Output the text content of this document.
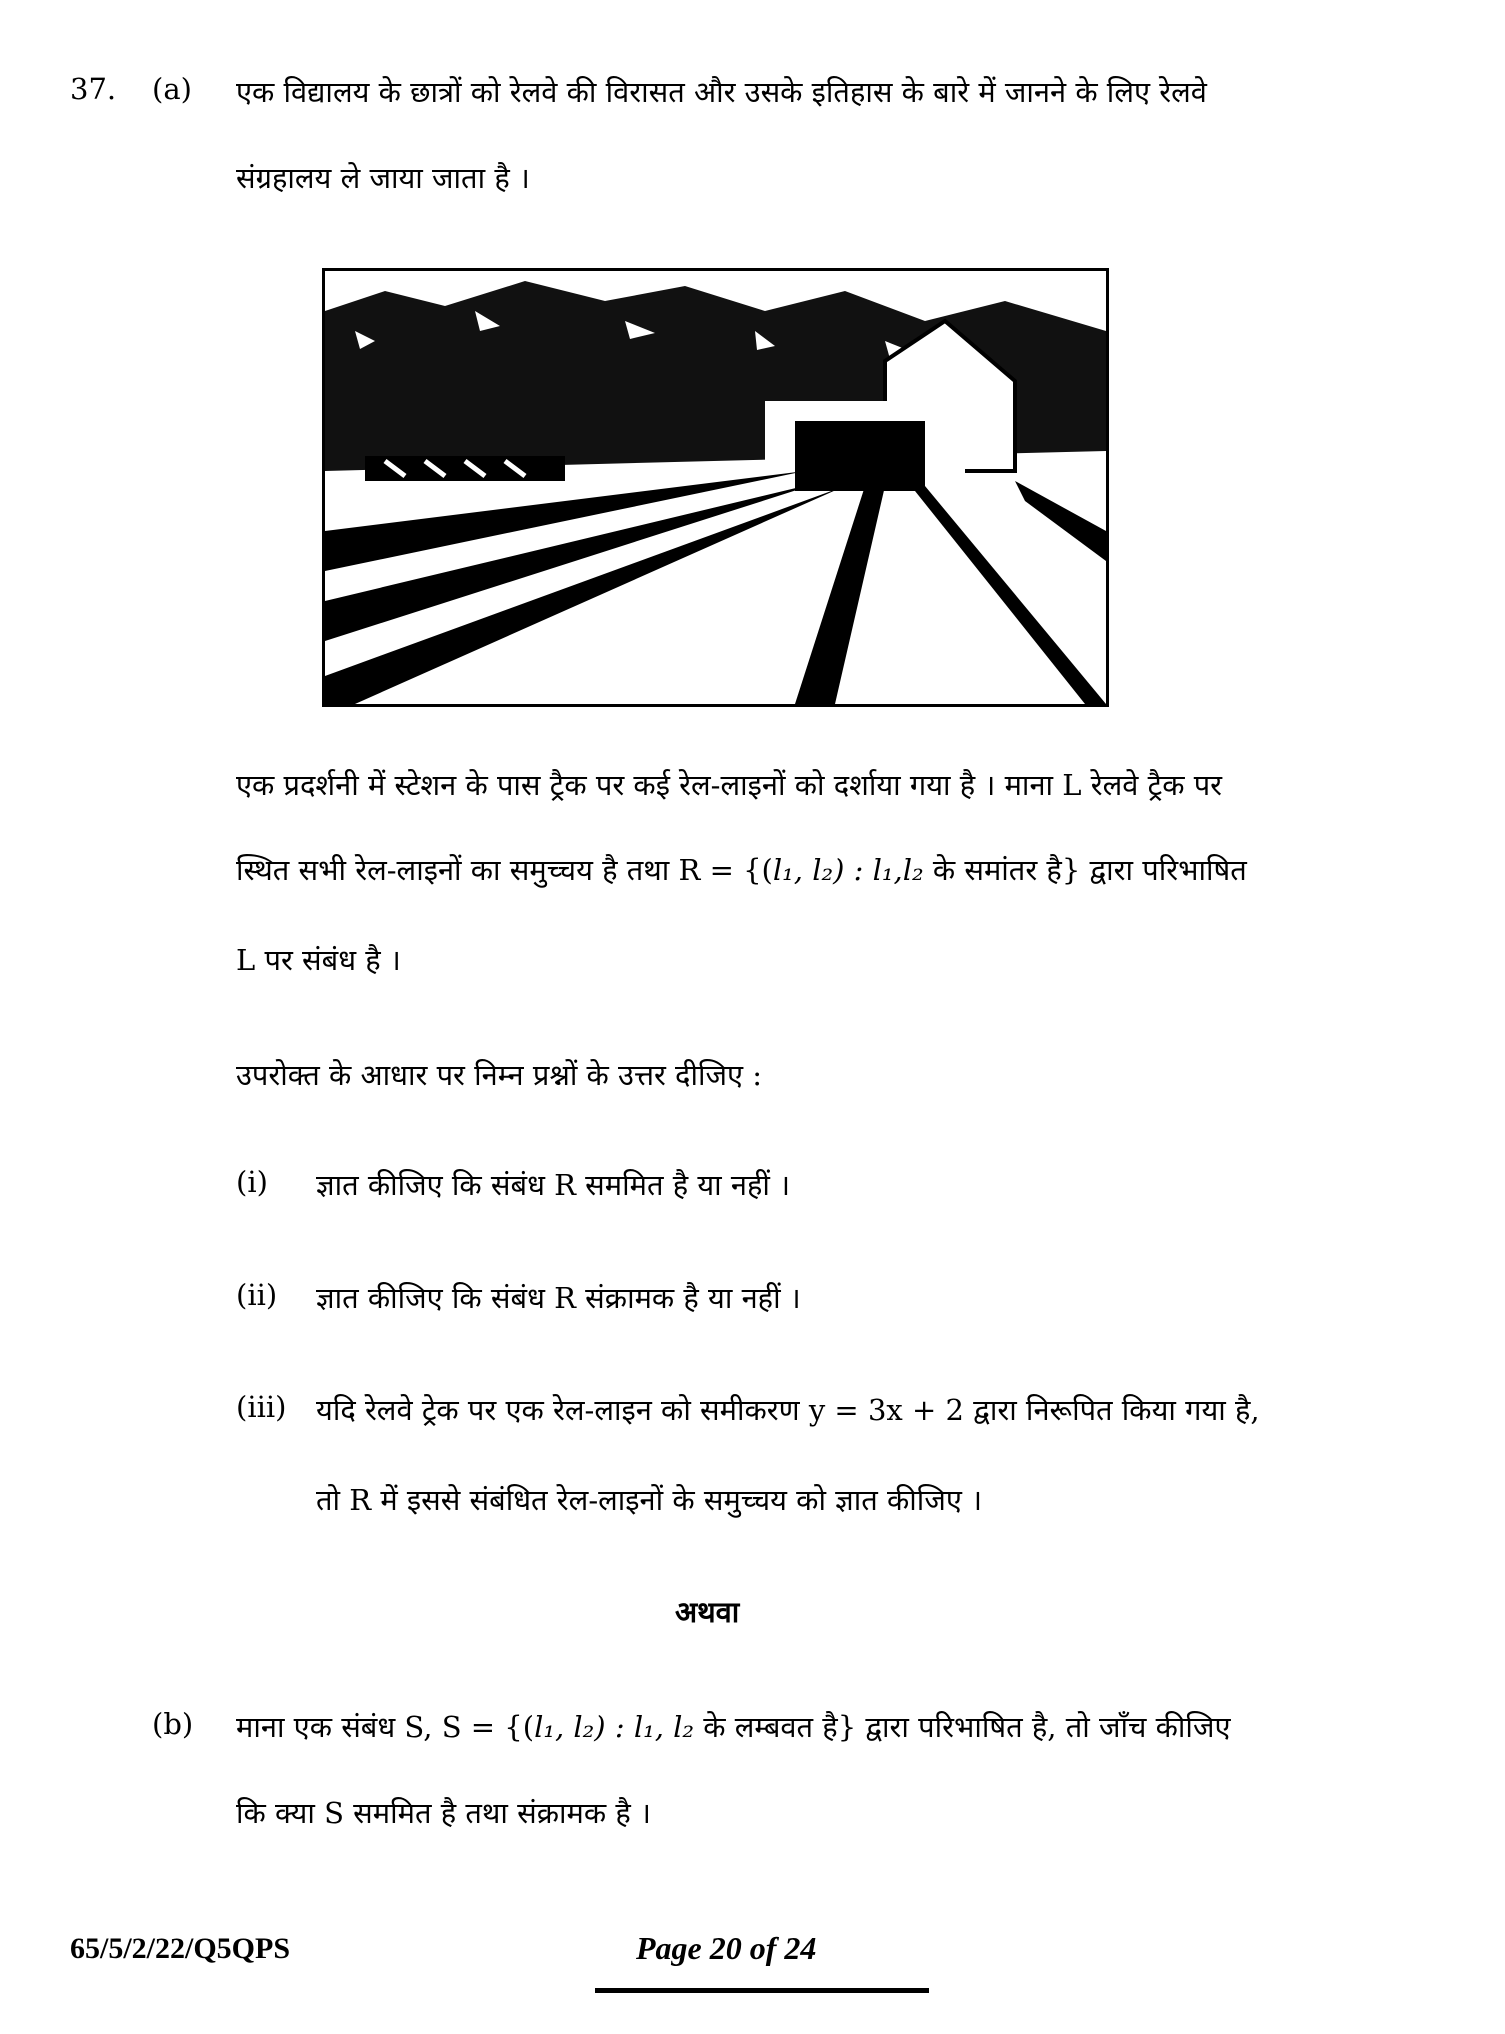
37. (a) एक विद्यालय के छात्रों को रेलवे की विरासत और उसके इतिहास के बारे में जानने के लिए रेलवे
संग्रहालय ले जाया जाता है ।
एक प्रदर्शनी में स्टेशन के पास ट्रैक पर कई रेल-लाइनों को दर्शाया गया है । माना L रेलवे ट्रैक पर
स्थित सभी रेल-लाइनों का समुच्चय है तथा R = {(l₁, l₂) : l₁,l₂ के समांतर है} द्वारा परिभाषित
L पर संबंध है ।
उपरोक्त के आधार पर निम्न प्रश्नों के उत्तर दीजिए :
(i) ज्ञात कीजिए कि संबंध R सममित है या नहीं ।
(ii) ज्ञात कीजिए कि संबंध R संक्रामक है या नहीं ।
(iii) यदि रेलवे ट्रेक पर एक रेल-लाइन को समीकरण y = 3x + 2 द्वारा निरूपित किया गया है,
तो R में इससे संबंधित रेल-लाइनों के समुच्चय को ज्ञात कीजिए ।
अथवा
(b) माना एक संबंध S, S = {(l₁, l₂) : l₁, l₂ के लम्बवत है} द्वारा परिभाषित है, तो जाँच कीजिए
कि क्या S सममित है तथा संक्रामक है ।
65/5/2/22/Q5QPS	Page 20 of 24
